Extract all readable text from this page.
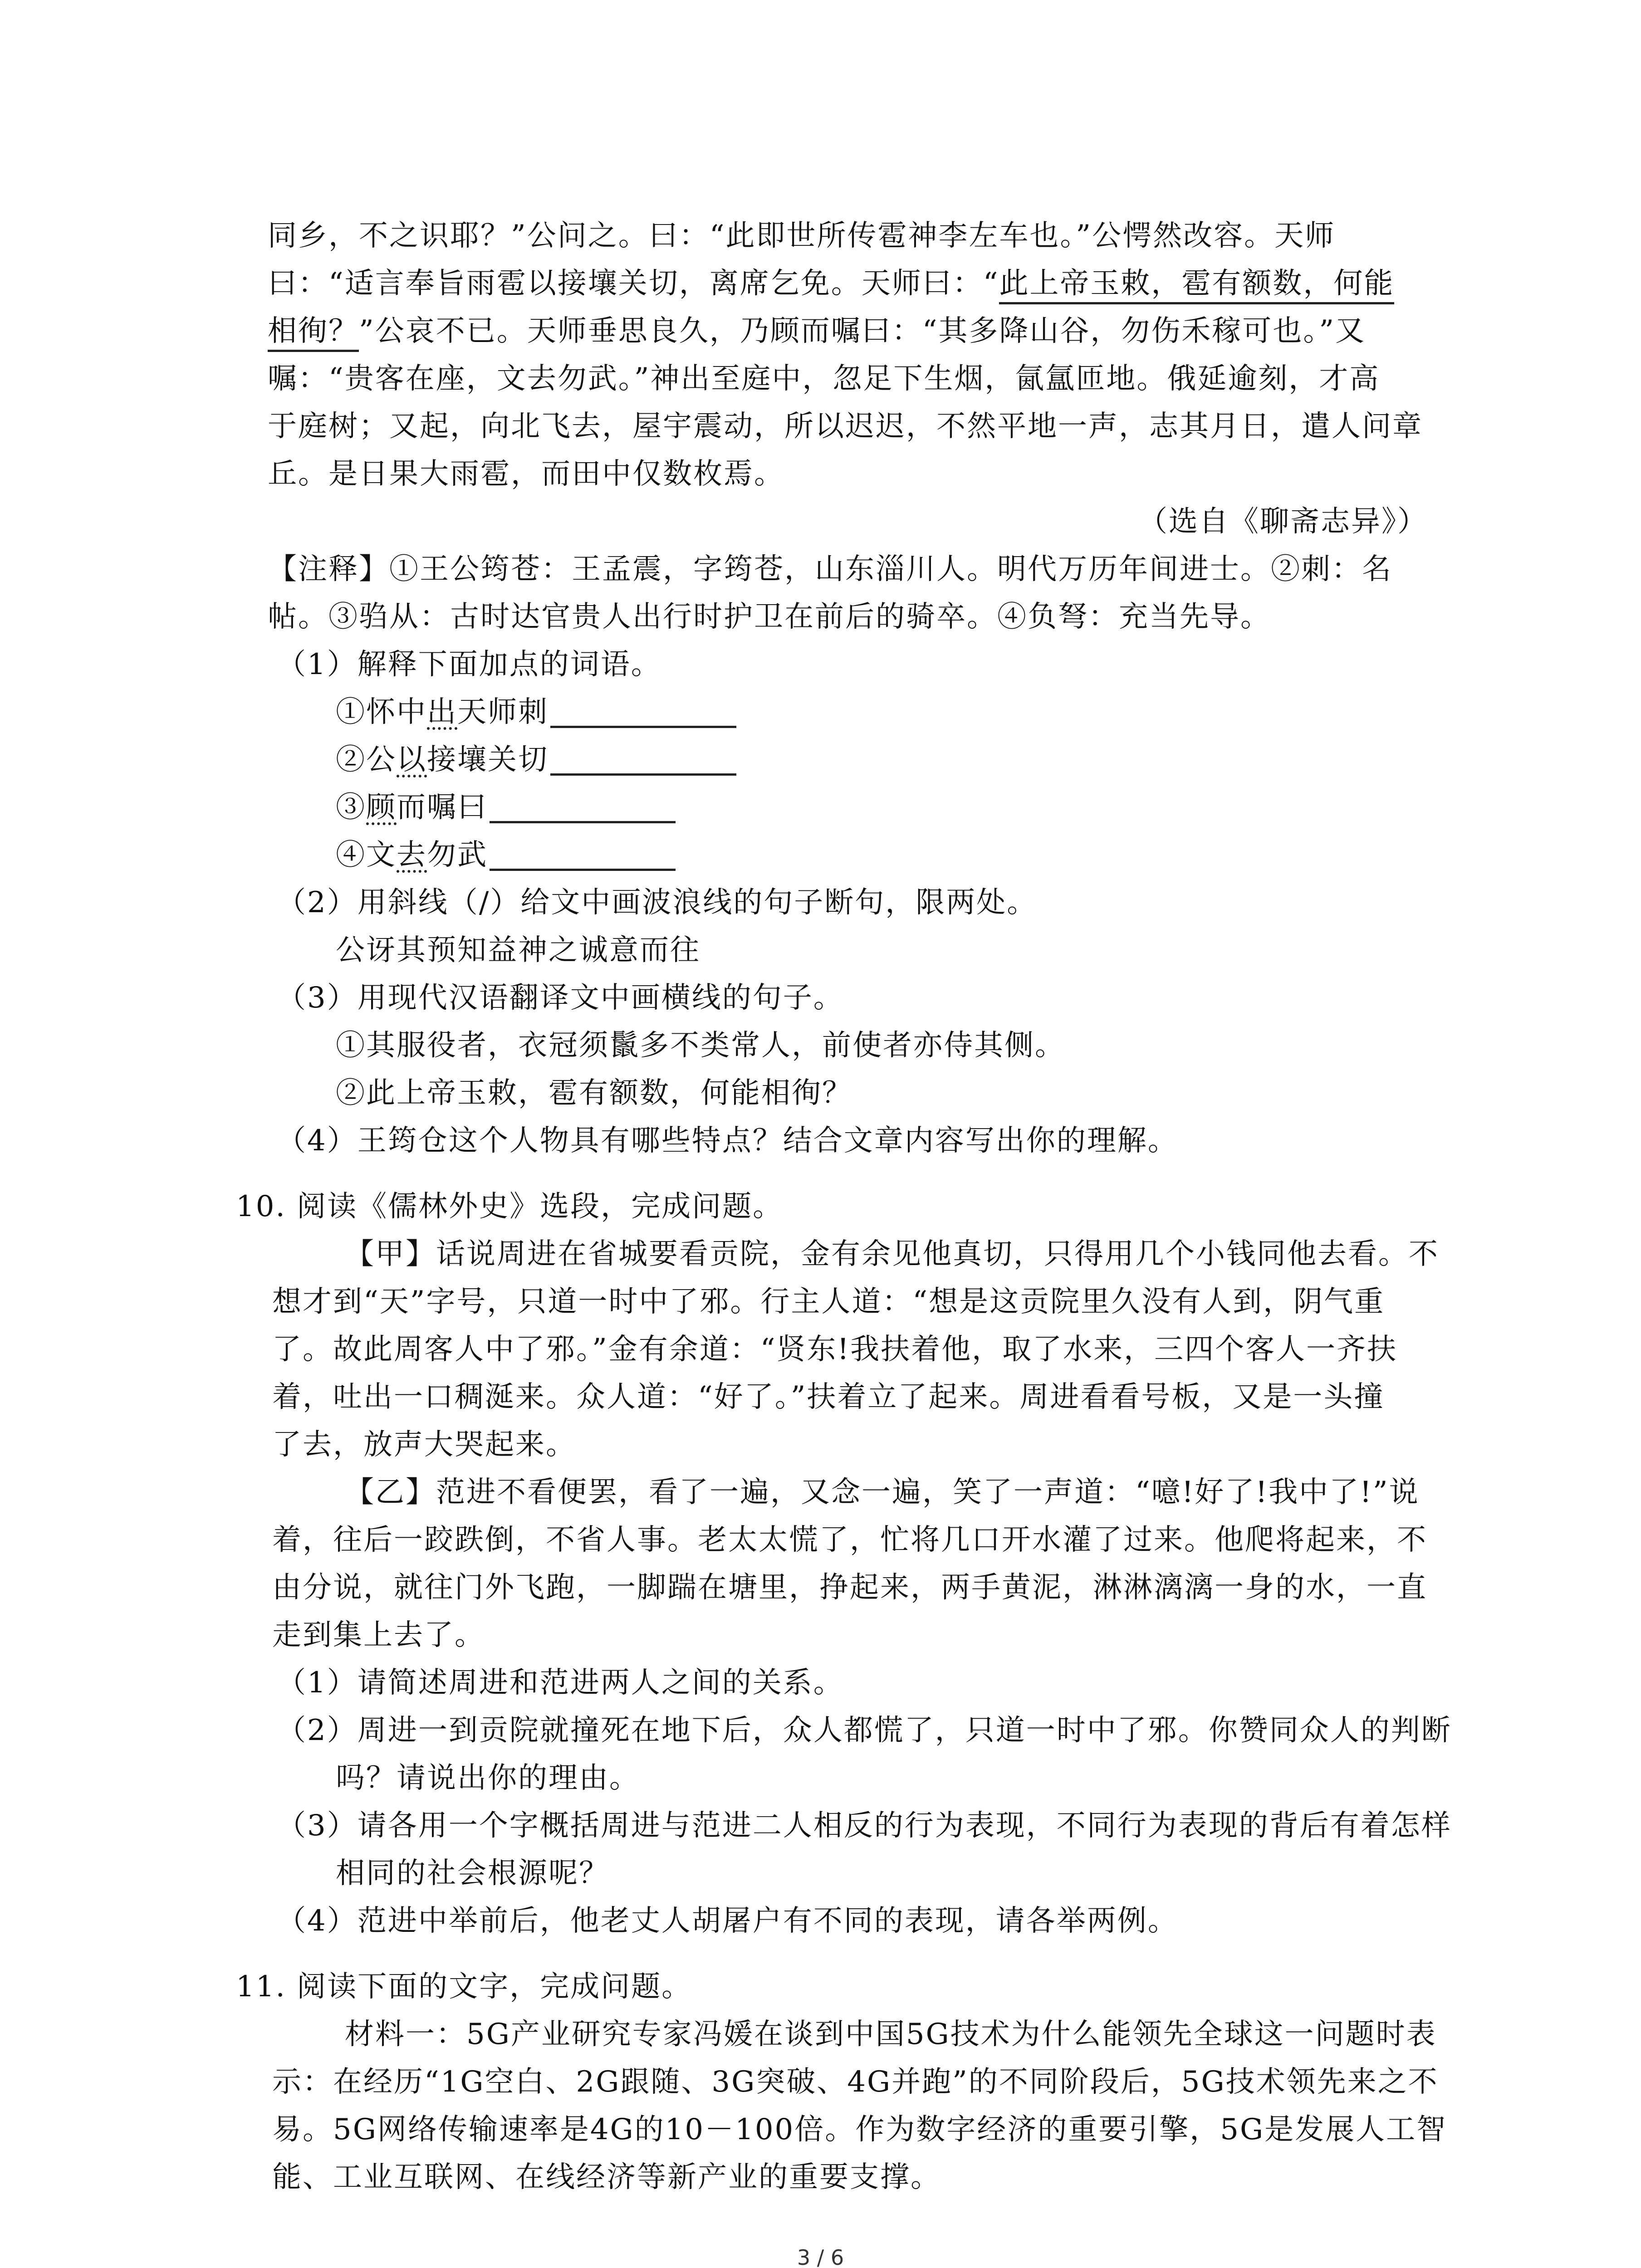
同乡，不之识耶？”公问之。曰：“此即世所传雹神李左车也。”公愕然改容。天师
曰：“适言奉旨雨雹以接壤关切，离席乞免。天师曰：“此上帝玉敕，雹有额数，何能
相徇？”公哀不已。天师垂思良久，乃顾而嘱曰：“其多降山谷，勿伤禾稼可也。”又
嘱：“贵客在座，文去勿武。”神出至庭中，忽足下生烟，氤氲匝地。俄延逾刻，才高
于庭树；又起，向北飞去，屋宇震动，所以迟迟，不然平地一声，志其月日，遣人问章
丘。是日果大雨雹，而田中仅数枚焉。
（选自《聊斋志异》）
【注释】①王公筠苍：王孟震，字筠苍，山东淄川人。明代万历年间进士。②刺：名
帖。③驺从：古时达官贵人出行时护卫在前后的骑卒。④负弩：充当先导。
（1）解释下面加点的词语。
①怀中出天师刺
②公以接壤关切
③顾而嘱曰
④文去勿武
（2）用斜线（/）给文中画波浪线的句子断句，限两处。
公讶其预知益神之诚意而往
（3）用现代汉语翻译文中画横线的句子。
①其服役者，衣冠须鬛多不类常人，前使者亦侍其侧。
②此上帝玉敕，雹有额数，何能相徇？
（4）王筠仓这个人物具有哪些特点？结合文章内容写出你的理解。
10. 阅读《儒林外史》选段，完成问题。
【甲】话说周进在省城要看贡院，金有余见他真切，只得用几个小钱同他去看。不
想才到“天”字号，只道一时中了邪。行主人道：“想是这贡院里久没有人到，阴气重
了。故此周客人中了邪。”金有余道：“贤东!我扶着他，取了水来，三四个客人一齐扶
着，吐出一口稠涎来。众人道：“好了。”扶着立了起来。周进看看号板，又是一头撞
了去，放声大哭起来。
【乙】范进不看便罢，看了一遍，又念一遍，笑了一声道：“噫!好了!我中了!”说
着，往后一跤跌倒，不省人事。老太太慌了，忙将几口开水灌了过来。他爬将起来，不
由分说，就往门外飞跑，一脚踹在塘里，挣起来，两手黄泥，淋淋漓漓一身的水，一直
走到集上去了。
（1）请简述周进和范进两人之间的关系。
（2）周进一到贡院就撞死在地下后，众人都慌了，只道一时中了邪。你赞同众人的判断
吗？请说出你的理由。
（3）请各用一个字概括周进与范进二人相反的行为表现，不同行为表现的背后有着怎样
相同的社会根源呢？
（4）范进中举前后，他老丈人胡屠户有不同的表现，请各举两例。
11. 阅读下面的文字，完成问题。
材料一：5G产业研究专家冯媛在谈到中国5G技术为什么能领先全球这一问题时表
示：在经历“1G空白、2G跟随、3G突破、4G并跑”的不同阶段后，5G技术领先来之不
易。5G网络传输速率是4G的10－100倍。作为数字经济的重要引擎，5G是发展人工智
能、工业互联网、在线经济等新产业的重要支撑。
3 / 6
